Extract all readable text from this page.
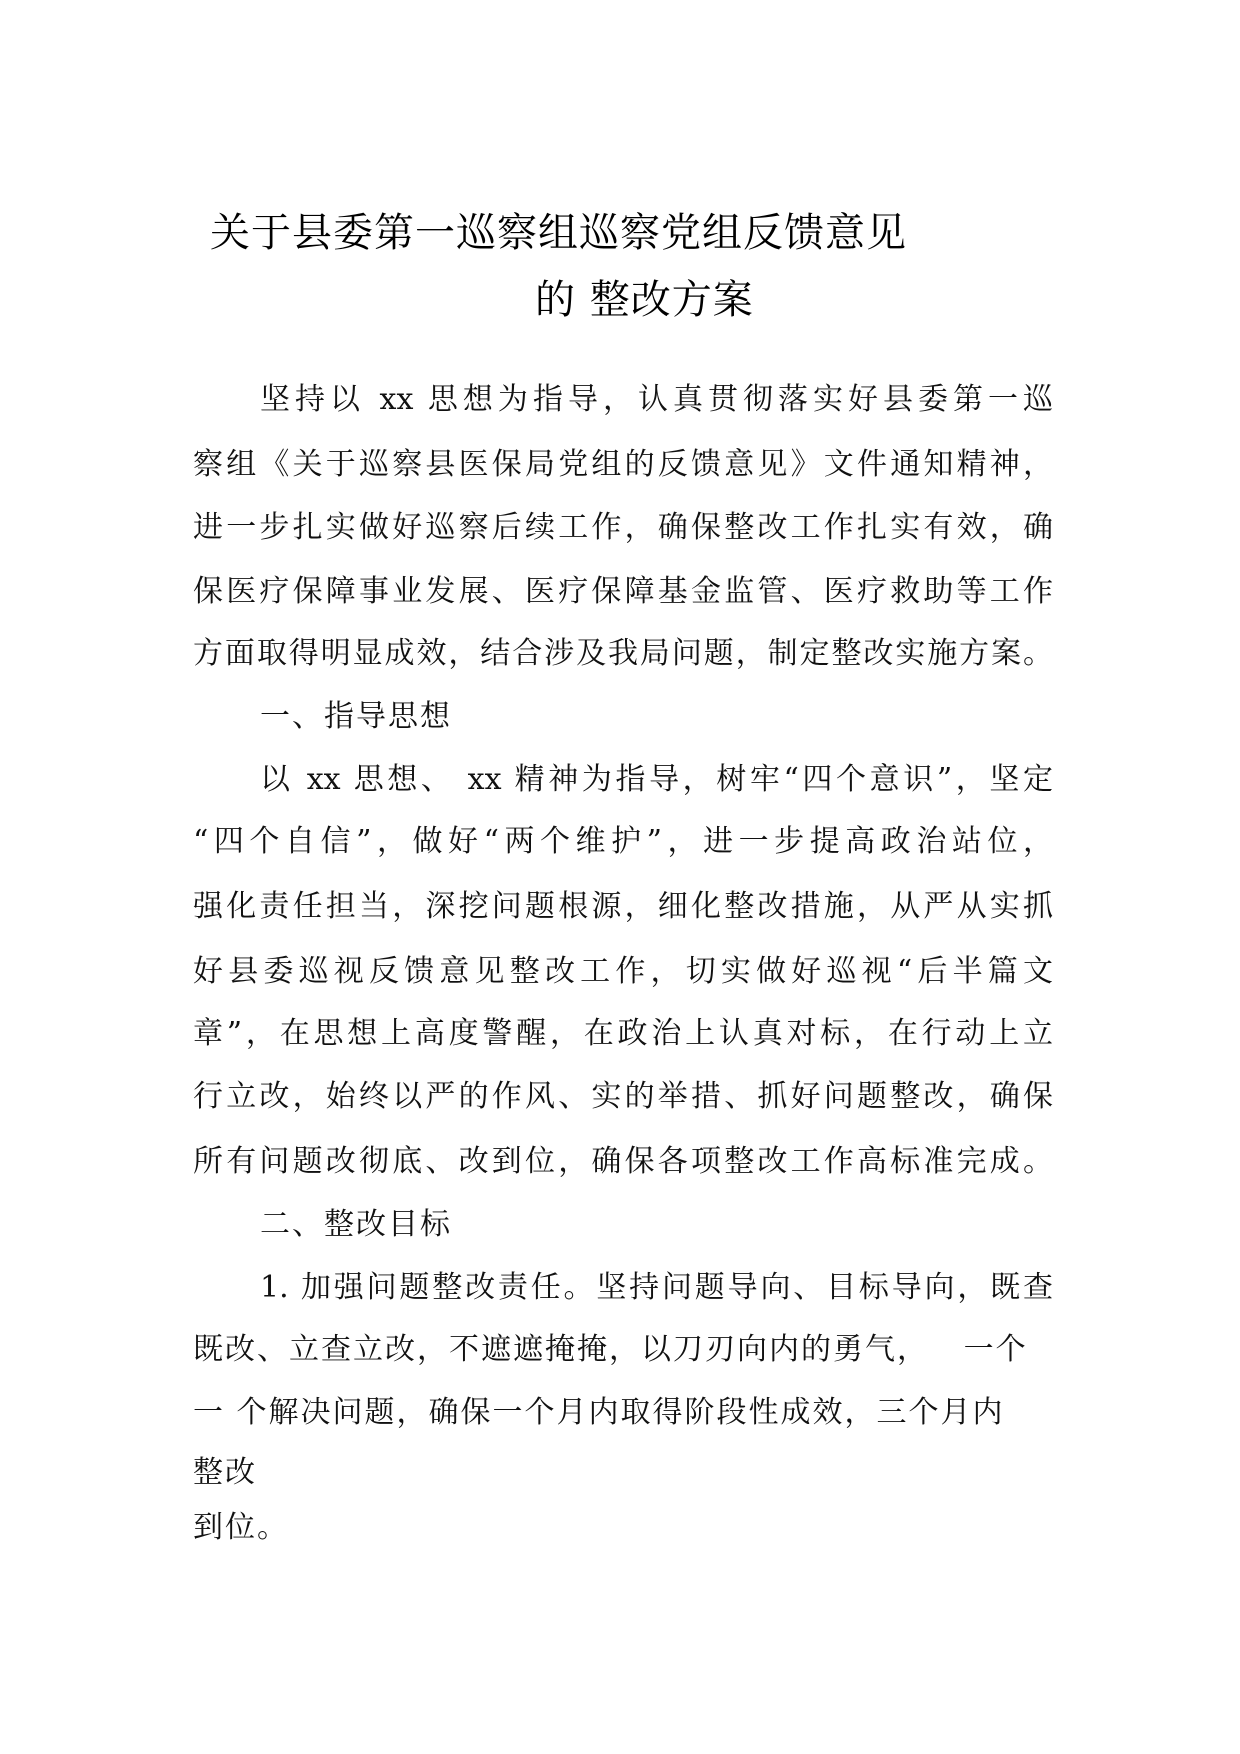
关于县委第一巡察组巡察党组反馈意见
的 整改方案
坚持以 xx 思想为指导，认真贯彻落实好县委第一巡
察组《关于巡察县医保局党组的反馈意见》文件通知精神，
进一步扎实做好巡察后续工作，确保整改工作扎实有效，确
保医疗保障事业发展、医疗保障基金监管、医疗救助等工作
方面取得明显成效，结合涉及我局问题，制定整改实施方案。
一、指导思想
以 xx 思想、 xx 精神为指导，树牢“四个意识”，坚定
“四个自信”，做好“两个维护”，进一步提高政治站位，
强化责任担当，深挖问题根源，细化整改措施，从严从实抓
好县委巡视反馈意见整改工作，切实做好巡视“后半篇文
章”，在思想上高度警醒，在政治上认真对标，在行动上立
行立改，始终以严的作风、实的举措、抓好问题整改，确保
所有问题改彻底、改到位，确保各项整改工作高标准完成。
二、整改目标
1. 加强问题整改责任。坚持问题导向、目标导向，既查
既改、立查立改，不遮遮掩掩，以刀刃向内的勇气，   一个
一 个解决问题，确保一个月内取得阶段性成效，三个月内
整改
到位。
